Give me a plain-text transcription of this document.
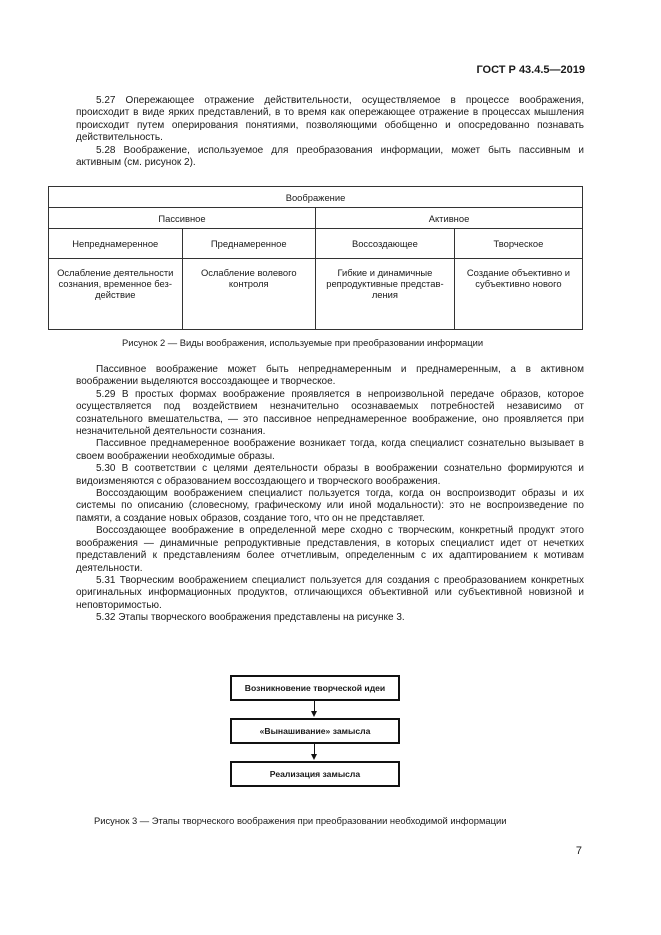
ГОСТ Р 43.4.5—2019

5.27 Опережающее отражение действительности, осуществляемое в процессе воображения, происходит в виде ярких представлений, в то время как опережающее отражение в процессах мышления происходит путем оперирования понятиями, позволяющими обобщенно и опосредованно познавать действительность.

5.28 Воображение, используемое для преобразования информации, может быть пассивным и активным (см. рисунок 2).

Воображение			
Пассивное		Активное	
Непреднамеренное	Преднамеренное	Воссоздающее	Творческое
Ослабление деятельности сознания, временное бездействие	Ослабление волевого контроля	Гибкие и динамичные репродуктивные представления	Создание объективно и субъективно нового
Рисунок 2 — Виды воображения, используемые при преобразовании информации

Пассивное воображение может быть непреднамеренным и преднамеренным, а в активном воображении выделяются воссоздающее и творческое.

5.29 В простых формах воображение проявляется в непроизвольной передаче образов, которое осуществляется под воздействием незначительно осознаваемых потребностей независимо от сознательного вмешательства, — это пассивное непреднамеренное воображение, оно проявляется при незначительной деятельности сознания.

Пассивное преднамеренное воображение возникает тогда, когда специалист сознательно вызывает в своем воображении необходимые образы.

5.30 В соответствии с целями деятельности образы в воображении сознательно формируются и видоизменяются с образованием воссоздающего и творческого воображения.

Воссоздающим воображением специалист пользуется тогда, когда он воспроизводит образы и их системы по описанию (словесному, графическому или иной модальности): это не воспроизведение по памяти, а создание новых образов, создание того, что он не представляет.

Воссоздающее воображение в определенной мере сходно с творческим, конкретный продукт этого воображения — динамичные репродуктивные представления, в которых специалист идет от нечетких представлений к представлениям более отчетливым, определенным с их адаптированием к мотивам деятельности.

5.31 Творческим воображением специалист пользуется для создания с преобразованием конкретных оригинальных информационных продуктов, отличающихся объективной или субъективной новизной и неповторимостью.

5.32 Этапы творческого воображения представлены на рисунке 3.

Возникновение творческой идеи
«Вынашивание» замысла
Реализация замысла
Рисунок 3 — Этапы творческого воображения при преобразовании необходимой информации
7
